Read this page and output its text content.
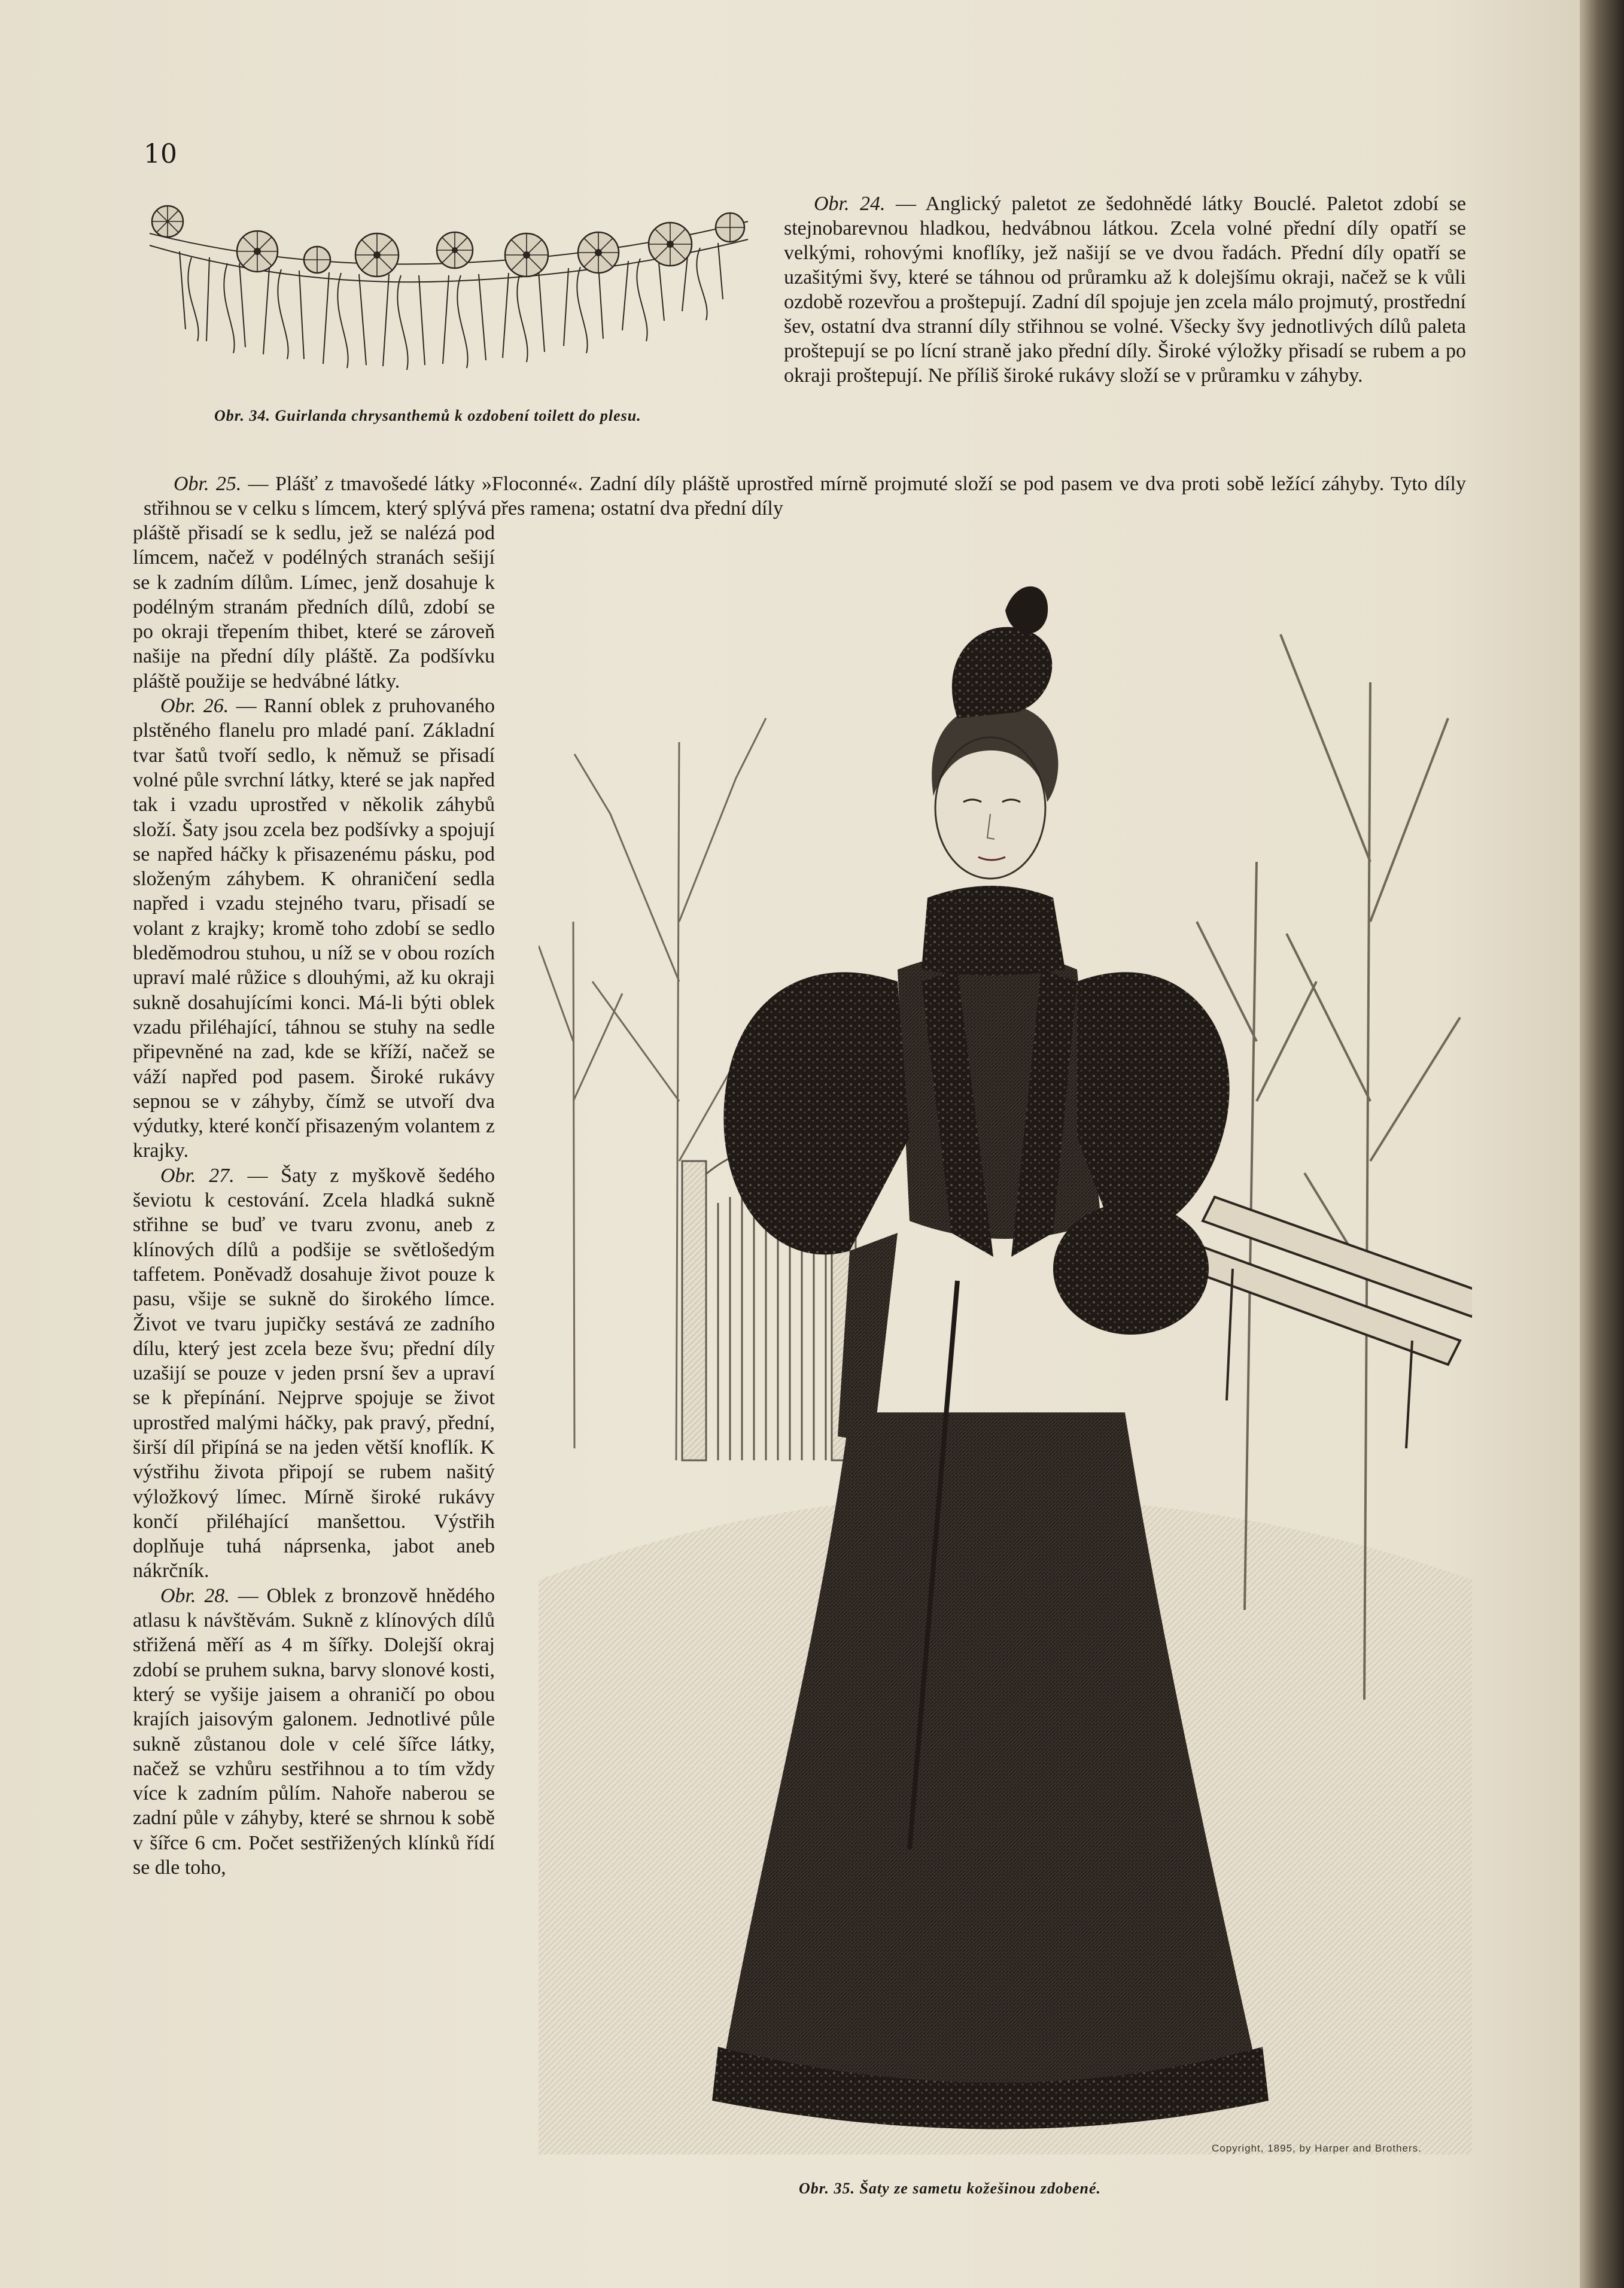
10
Obr. 34. Guirlanda chrysanthemů k ozdobení toilett do plesu.

Obr. 24. — Anglický paletot ze šedohnědé látky Bouclé. Paletot zdobí se stejnobarevnou hladkou, hedvábnou látkou. Zcela volné přední díly opatří se velkými, rohovými knoflíky, jež našijí se ve dvou řadách. Přední díly opatří se uzašitými švy, které se táhnou od průramku až k dolejšímu okraji, načež se k vůli ozdobě rozevřou a proštepují. Zadní díl spojuje jen zcela málo projmutý, prostřední šev, ostatní dva stranní díly střihnou se volné. Všecky švy jednotlivých dílů paleta proštepují se po lícní straně jako přední díly. Široké výložky přisadí se rubem a po okraji proštepují. Ne příliš široké rukávy složí se v průramku v záhyby.

Obr. 25. — Plášť z tmavošedé látky »Floconné«. Zadní díly pláště uprostřed mírně projmuté složí se pod pasem ve dva proti sobě ležící záhyby. Tyto díly střihnou se v celku s límcem, který splývá přes ramena; ostatní dva přední díly

pláště přisadí se k sedlu, jež se nalézá pod límcem, načež v podélných stranách sešijí se k zadním dílům. Límec, jenž dosahuje k podélným stranám předních dílů, zdobí se po okraji třepením thibet, které se zároveň našije na přední díly pláště. Za podšívku pláště použije se hedvábné látky.

Obr. 26. — Ranní oblek z pruhovaného plstěného flanelu pro mladé paní. Základní tvar šatů tvoří sedlo, k němuž se přisadí volné půle svrchní látky, které se jak napřed tak i vzadu uprostřed v několik záhybů složí. Šaty jsou zcela bez podšívky a spojují se napřed háčky k přisazenému pásku, pod složeným záhybem. K ohraničení sedla napřed i vzadu stejného tvaru, přisadí se volant z krajky; kromě toho zdobí se sedlo bleděmodrou stuhou, u níž se v obou rozích upraví malé růžice s dlouhými, až ku okraji sukně dosahujícími konci. Má-li býti oblek vzadu přiléhající, táhnou se stuhy na sedle připevněné na zad, kde se kříží, načež se váží napřed pod pasem. Široké rukávy sepnou se v záhyby, čímž se utvoří dva výdutky, které končí přisazeným volantem z krajky.

Obr. 27. — Šaty z myškově šedého ševiotu k cestování. Zcela hladká sukně střihne se buď ve tvaru zvonu, aneb z klínových dílů a podšije se světlošedým taffetem. Poněvadž dosahuje život pouze k pasu, všije se sukně do širokého límce. Život ve tvaru jupičky sestává ze zadního dílu, který jest zcela beze švu; přední díly uzašijí se pouze v jeden prsní šev a upraví se k přepínání. Nejprve spojuje se život uprostřed malými háčky, pak pravý, přední, širší díl připíná se na jeden větší knoflík. K výstřihu života připojí se rubem našitý výložkový límec. Mírně široké rukávy končí přiléhající manšettou. Výstřih doplňuje tuhá náprsenka, jabot aneb nákrčník.

Obr. 28. — Oblek z bronzově hnědého atlasu k návštěvám. Sukně z klínových dílů střižená měří as 4 m šířky. Dolejší okraj zdobí se pruhem sukna, barvy slonové kosti, který se vyšije jaisem a ohraničí po obou krajích jaisovým galonem. Jednotlivé půle sukně zůstanou dole v celé šířce látky, načež se vzhůru sestřihnou a to tím vždy více k zadním půlím. Nahoře naberou se zadní půle v záhyby, které se shrnou k sobě v šířce 6 cm. Počet sestřižených klínků řídí se dle toho,

Copyright, 1895, by Harper and Brothers.
Obr. 35. Šaty ze sametu kožešinou zdobené.
